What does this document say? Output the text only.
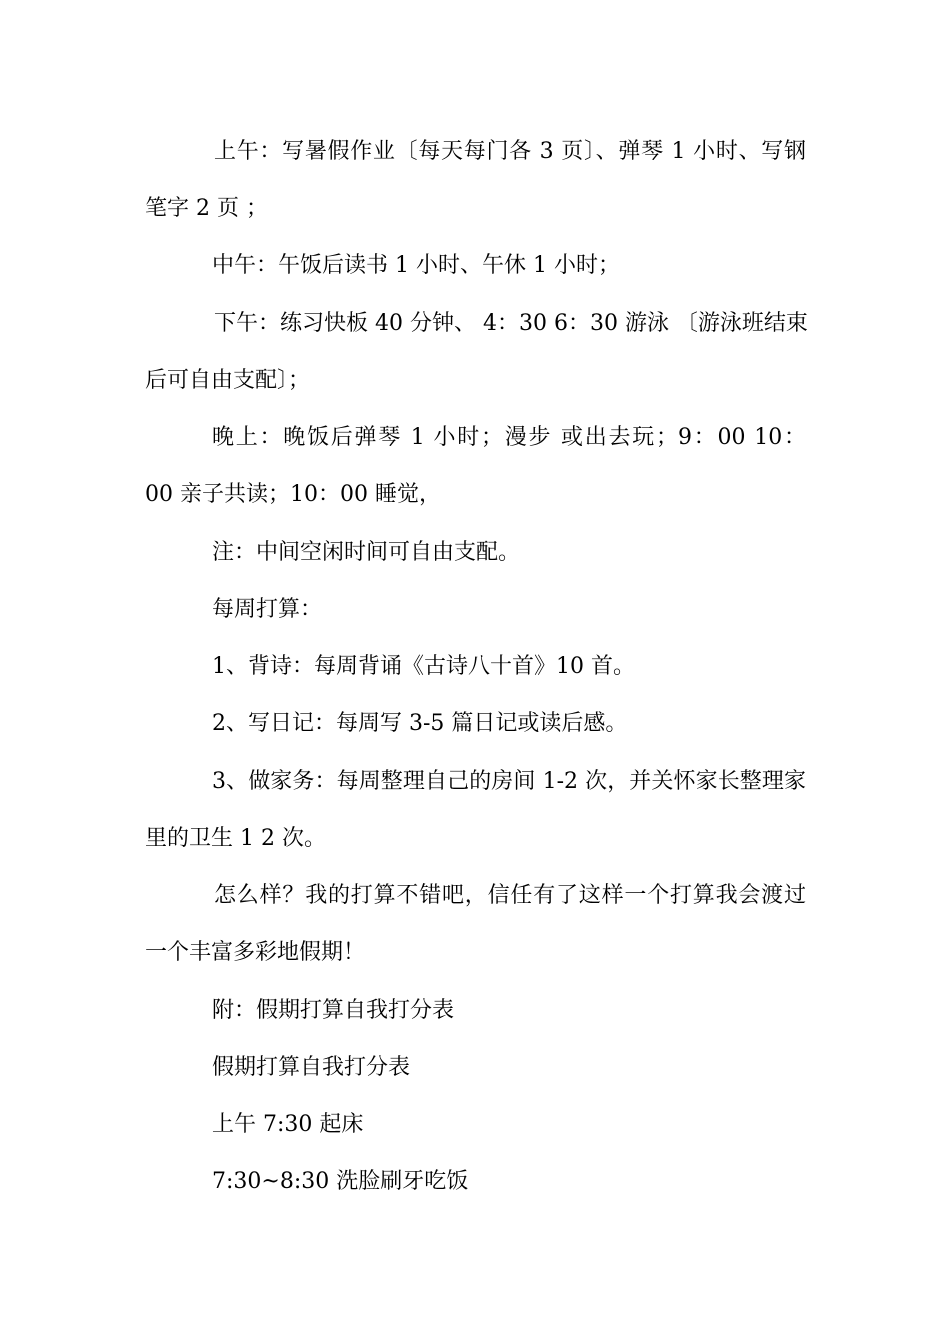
上午：写暑假作业〔每天每门各 3 页〕、弹琴 1 小时、写钢
笔字 2 页 ；
中午：午饭后读书 1 小时、午休 1 小时；
下午：练习快板 40 分钟、 4：30 6：30 游泳 〔游泳班结束
后可自由支配〕；
晚上：晚饭后弹琴 1 小时；漫步 或出去玩；9：00 10：
00 亲子共读；10：00 睡觉，
注：中间空闲时间可自由支配。
每周打算：
1、背诗：每周背诵《古诗八十首》10 首。
2、写日记：每周写 3-5 篇日记或读后感。
3、做家务：每周整理自己的房间 1-2 次，并关怀家长整理家
里的卫生 1 2 次。
怎么样？我的打算不错吧，信任有了这样一个打算我会渡过
一个丰富多彩地假期！
附：假期打算自我打分表
假期打算自我打分表
上午 7:30 起床
7:30~8:30 洗脸刷牙吃饭
